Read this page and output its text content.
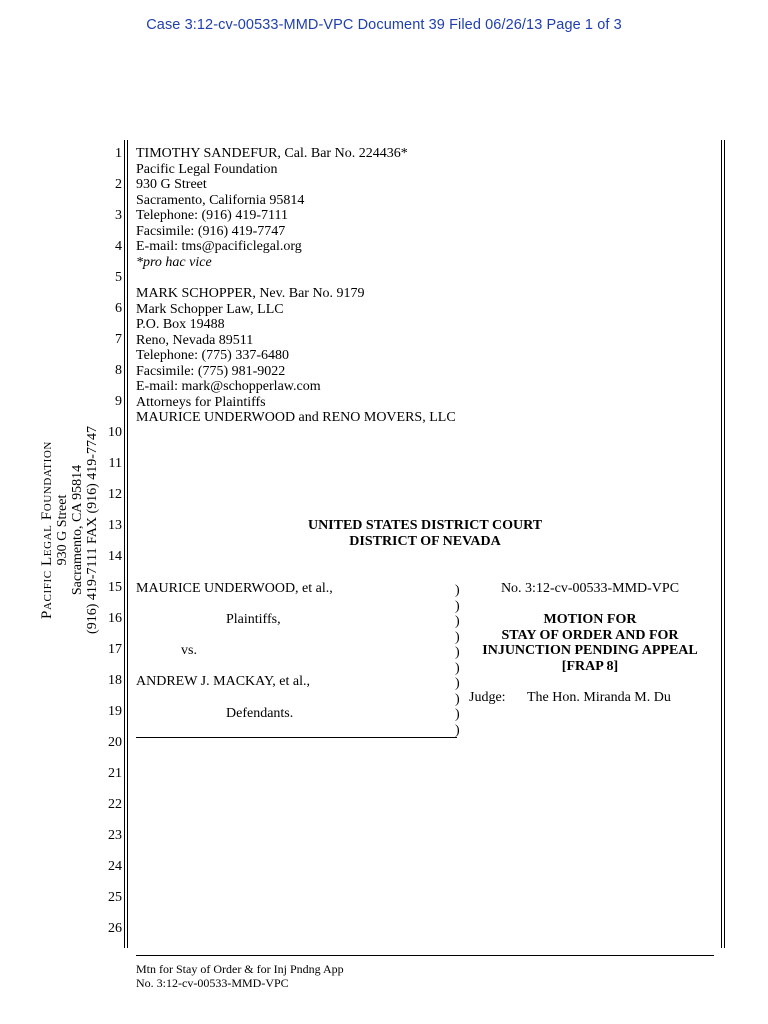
Case 3:12-cv-00533-MMD-VPC Document 39 Filed 06/26/13 Page 1 of 3
1
2
3
4
5
6
7
8
9
10
11
12
13
14
15
16
17
18
19
20
21
22
23
24
25
26
TIMOTHY SANDEFUR, Cal. Bar No. 224436*
Pacific Legal Foundation
930 G Street
Sacramento, California 95814
Telephone: (916) 419-7111
Facsimile: (916) 419-7747
E-mail: tms@pacificlegal.org
*pro hac vice
MARK SCHOPPER, Nev. Bar No. 9179
Mark Schopper Law, LLC
P.O. Box 19488
Reno, Nevada 89511
Telephone: (775) 337-6480
Facsimile: (775) 981-9022
E-mail: mark@schopperlaw.com
Attorneys for Plaintiffs
MAURICE UNDERWOOD and RENO MOVERS, LLC
Pacific Legal Foundation 930 G Street Sacramento, CA 95814 (916) 419-7111 FAX (916) 419-7747	UNITED STATES DISTRICT COURT
DISTRICT OF NEVADA
MAURICE UNDERWOOD, et al.,
Plaintiffs,
vs.
ANDREW J. MACKAY, et al.,
Defendants.
)
)
)
)
)
)
)
)
)
)
No. 3:12-cv-00533-MMD-VPC
MOTION FOR
STAY OF ORDER AND FOR
INJUNCTION PENDING APPEAL
[FRAP 8]
Judge: The Hon. Miranda M. Du
Mtn for Stay of Order & for Inj Pndng App
No. 3:12-cv-00533-MMD-VPC
